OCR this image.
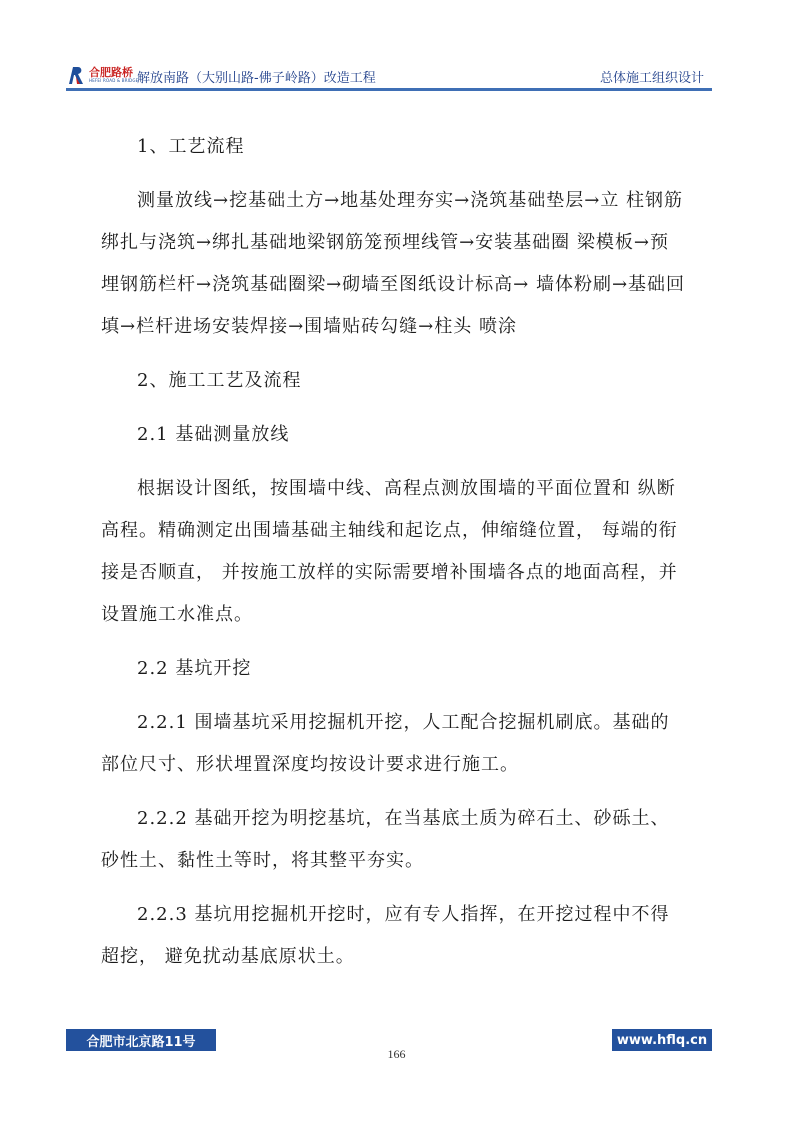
合肥路桥
HEFEI ROAD & BRIDGE
解放南路（大别山路-佛子岭路）改造工程	总体施工组织设计

1、工艺流程

测量放线→挖基础土方→地基处理夯实→浇筑基础垫层→立 柱钢筋绑扎与浇筑→绑扎基础地梁钢筋笼预埋线管→安装基础圈 梁模板→预埋钢筋栏杆→浇筑基础圈梁→砌墙至图纸设计标高→ 墙体粉刷→基础回填→栏杆进场安装焊接→围墙贴砖勾缝→柱头 喷涂

2、施工工艺及流程

2.1 基础测量放线

根据设计图纸，按围墙中线、高程点测放围墙的平面位置和 纵断高程。精确测定出围墙基础主轴线和起讫点，伸缩缝位置， 每端的衔接是否顺直， 并按施工放样的实际需要增补围墙各点的地面高程，并设置施工水准点。

2.2 基坑开挖

2.2.1 围墙基坑采用挖掘机开挖，人工配合挖掘机刷底。基础的部位尺寸、形状埋置深度均按设计要求进行施工。

2.2.2 基础开挖为明挖基坑，在当基底土质为碎石土、砂砾土、砂性土、黏性土等时，将其整平夯实。

2.2.3 基坑用挖掘机开挖时，应有专人指挥，在开挖过程中不得超挖， 避免扰动基底原状土。

合肥市北京路11号	www.hflq.cn
166
